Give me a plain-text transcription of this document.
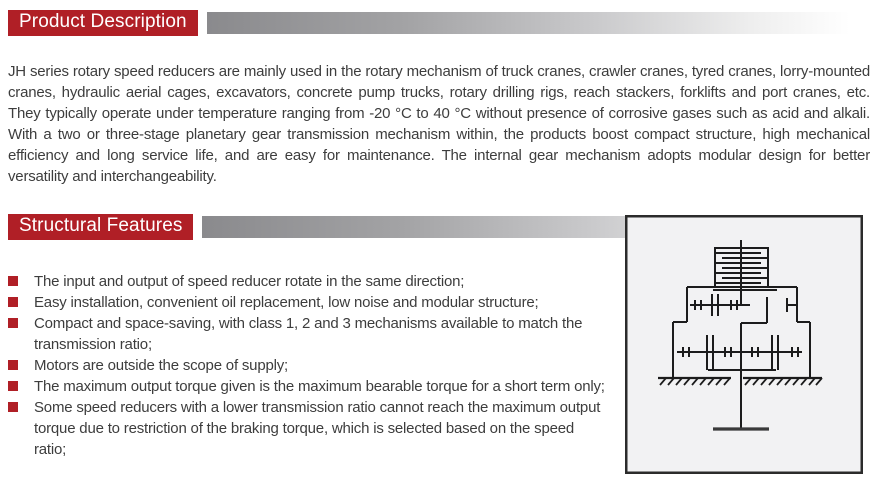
Product Description

JH series rotary speed reducers are mainly used in the rotary mechanism of truck cranes, crawler cranes, tyred cranes, lorry-mounted cranes, hydraulic aerial cages, excavators, concrete pump trucks, rotary drilling rigs, reach stackers, forklifts and port cranes, etc. They typically operate under temperature ranging from -20 °C to 40 °C without presence of corrosive gases such as acid and alkali. With a two or three-stage planetary gear transmission mechanism within, the products boost compact structure, high mechanical efficiency and long service life, and are easy for maintenance. The internal gear mechanism adopts modular design for better versatility and interchangeability.

Structural Features
The input and output of speed reducer rotate in the same direction;
Easy installation, convenient oil replacement, low noise and modular structure;
Compact and space-saving, with class 1, 2 and 3 mechanisms available to match the transmission ratio;
Motors are outside the scope of supply;
The maximum output torque given is the maximum bearable torque for a short term only;
Some speed reducers with a lower transmission ratio cannot reach the maximum output torque due to restriction of the braking torque, which is selected based on the speed ratio;
